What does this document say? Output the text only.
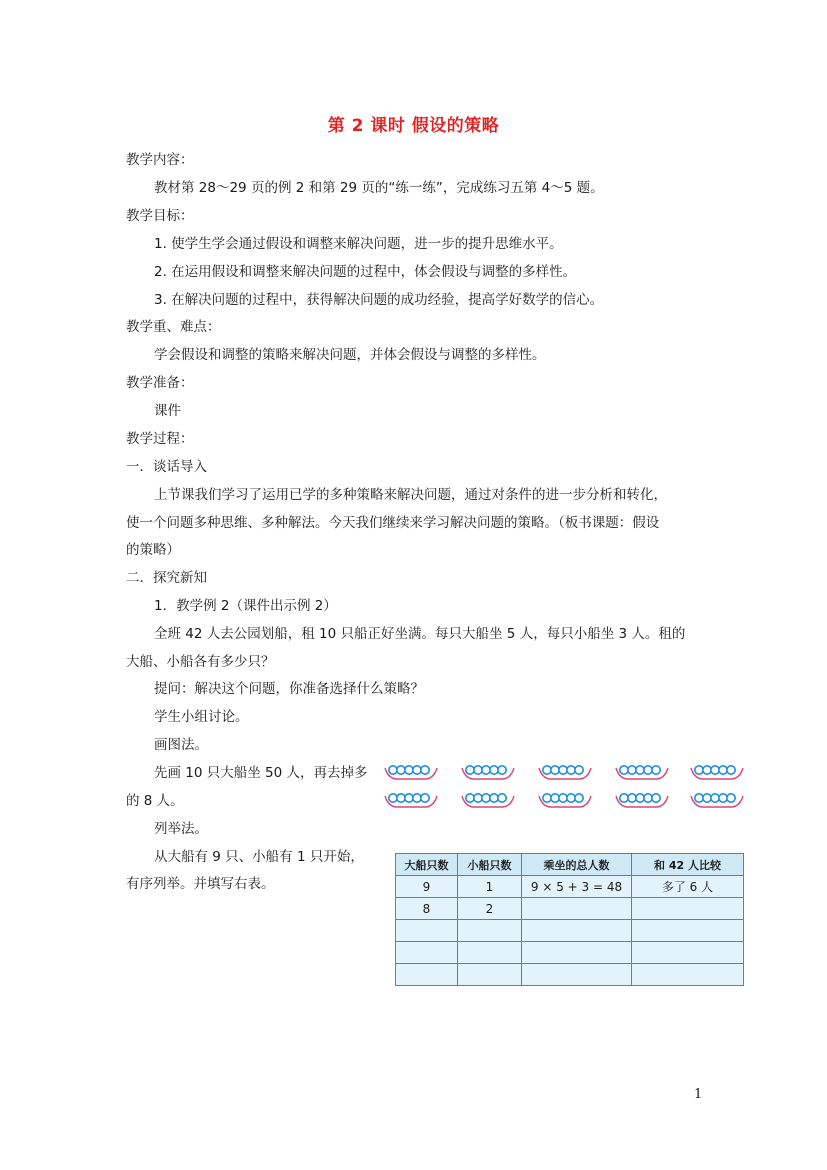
第 2 课时 假设的策略
教学内容：
教材第 28～29 页的例 2 和第 29 页的“练一练”，完成练习五第 4～5 题。
教学目标：
1. 使学生学会通过假设和调整来解决问题，进一步的提升思维水平。
2. 在运用假设和调整来解决问题的过程中，体会假设与调整的多样性。
3. 在解决问题的过程中，获得解决问题的成功经验，提高学好数学的信心。
教学重、难点：
学会假设和调整的策略来解决问题，并体会假设与调整的多样性。
教学准备：
课件
教学过程：
一．谈话导入
上节课我们学习了运用已学的多种策略来解决问题，通过对条件的进一步分析和转化，
使一个问题多种思维、多种解法。今天我们继续来学习解决问题的策略。（板书课题：假设
的策略）
二．探究新知
1．教学例 2（课件出示例 2）
全班 42 人去公园划船，租 10 只船正好坐满。每只大船坐 5 人，每只小船坐 3 人。租的
大船、小船各有多少只？
提问：解决这个问题，你准备选择什么策略？
学生小组讨论。
画图法。
先画 10 只大船坐 50 人，再去掉多
的 8 人。
列举法。
从大船有 9 只、小船有 1 只开始，
有序列举。并填写右表。
大船只数	小船只数	乘坐的总人数	和 42 人比较
9	1	9 × 5 + 3 = 48	多了 6 人
8	2		

1
